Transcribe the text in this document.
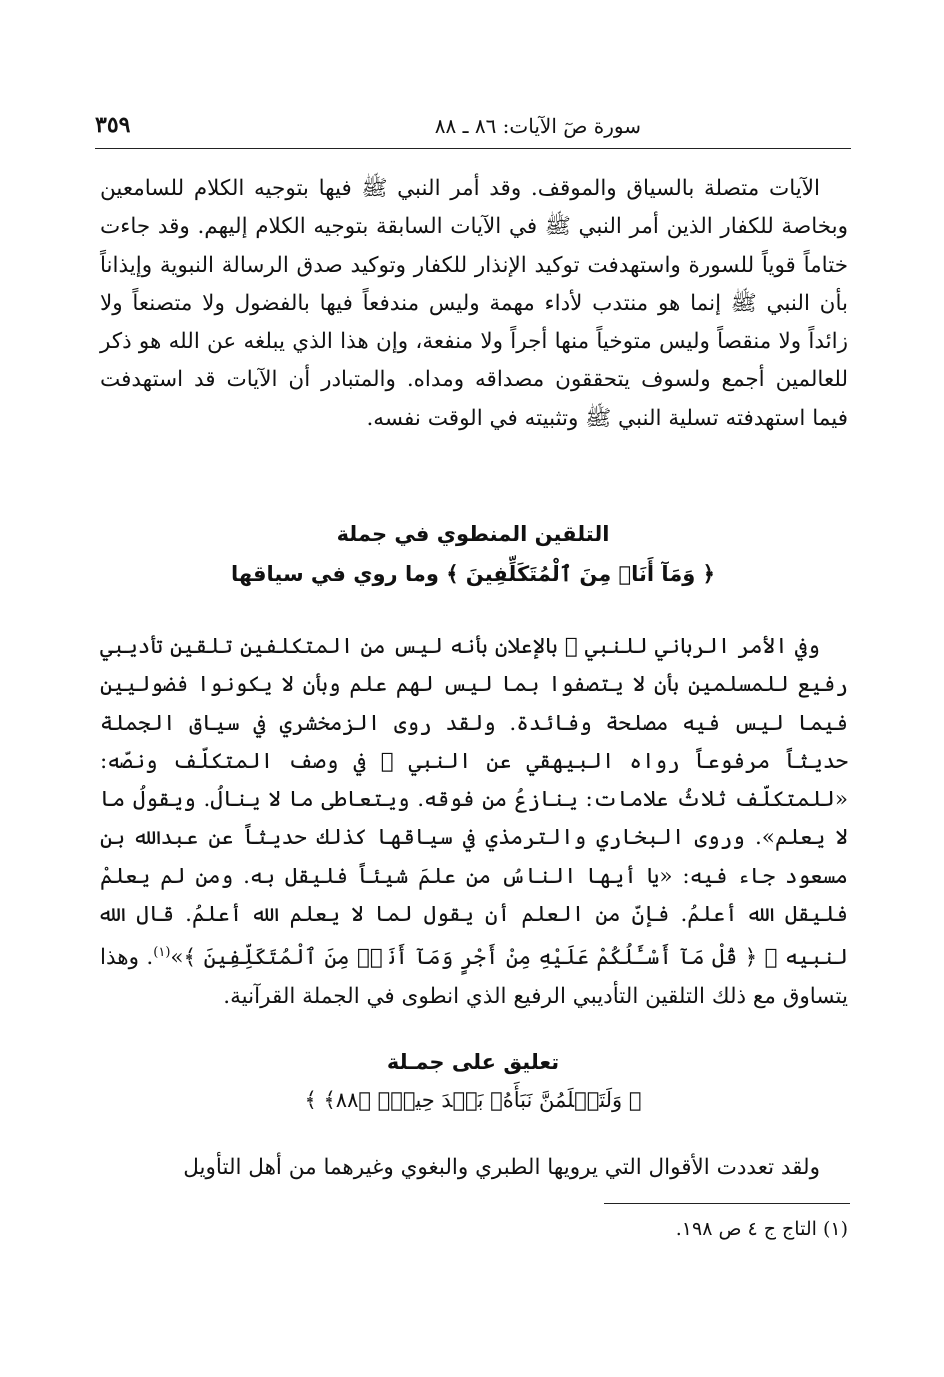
سورة صٓ الآيات: ٨٦ ـ ٨٨
٣٥٩
الآيات متصلة بالسياق والموقف. وقد أمر النبي ﷺ فيها بتوجيه الكلام للسامعين وبخاصة للكفار الذين أمر النبي ﷺ في الآيات السابقة بتوجيه الكلام إليهم. وقد جاءت ختاماً قوياً للسورة واستهدفت توكيد الإنذار للكفار وتوكيد صدق الرسالة النبوية وإيذاناً بأن النبي ﷺ إنما هو منتدب لأداء مهمة وليس مندفعاً فيها بالفضول ولا متصنعاً ولا زائداً ولا منقصاً وليس متوخياً منها أجراً ولا منفعة، وإن هذا الذي يبلغه عن الله هو ذكر للعالمين أجمع ولسوف يتحققون مصداقه ومداه. والمتبادر أن الآيات قد استهدفت فيما استهدفته تسلية النبي ﷺ وتثبيته في الوقت نفسه.
التلقين المنطوي في جملة
﴿ وَمَآ أَنَا۠ مِنَ ٱلْمُتَكَلِّفِينَ ﴾ وما روي في سياقها
وفي الأمر الرباني للنبي ﷺ بالإعلان بأنه ليس من المتكلفين تلقين تأديبي رفيع للمسلمين بأن لا يتصفوا بما ليس لهم علم وبأن لا يكونوا فضوليين فيما ليس فيه مصلحة وفائدة. ولقد روى الزمخشري في سياق الجملة حديثاً مرفوعاً رواه البيهقي عن النبي ﷺ في وصف المتكلّف ونصّه: «للمتكلّف ثلاثُ علامات: ينازعُ من فوقه. ويتعاطى ما لا ينالُ. ويقولُ ما لا يعلم». وروى البخاري والترمذي في سياقها كذلك حديثاً عن عبدالله بن مسعود جاء فيه: «يا أيها الناسُ من علمَ شيئاً فليقل به. ومن لم يعلمْ فليقل الله أعلمُ. فإنّ من العلم أن يقول لما لا يعلم الله أعلمُ. قال الله لنبيه ﷺ ﴿ قُلْ مَآ أَسْـَٔلُكُمْ عَلَيْهِ مِنْ أَجْرٍ وَمَآ أَنَا۠ مِنَ ٱلْمُتَكَلِّفِينَ ﴾»$^{(١)}$. وهذا يتساوق مع ذلك التلقين التأديبي الرفيع الذي انطوى في الجملة القرآنية.
تعليق على جمـلة
﴿ وَلَتَعۡلَمُنَّ نَبَأَهُۥ بَعۡدَ حِينِۢ ﴿٨٨﴾ ﴾
ولقد تعددت الأقوال التي يرويها الطبري والبغوي وغيرهما من أهل التأويل
(١) التاج ج ٤ ص ١٩٨.
